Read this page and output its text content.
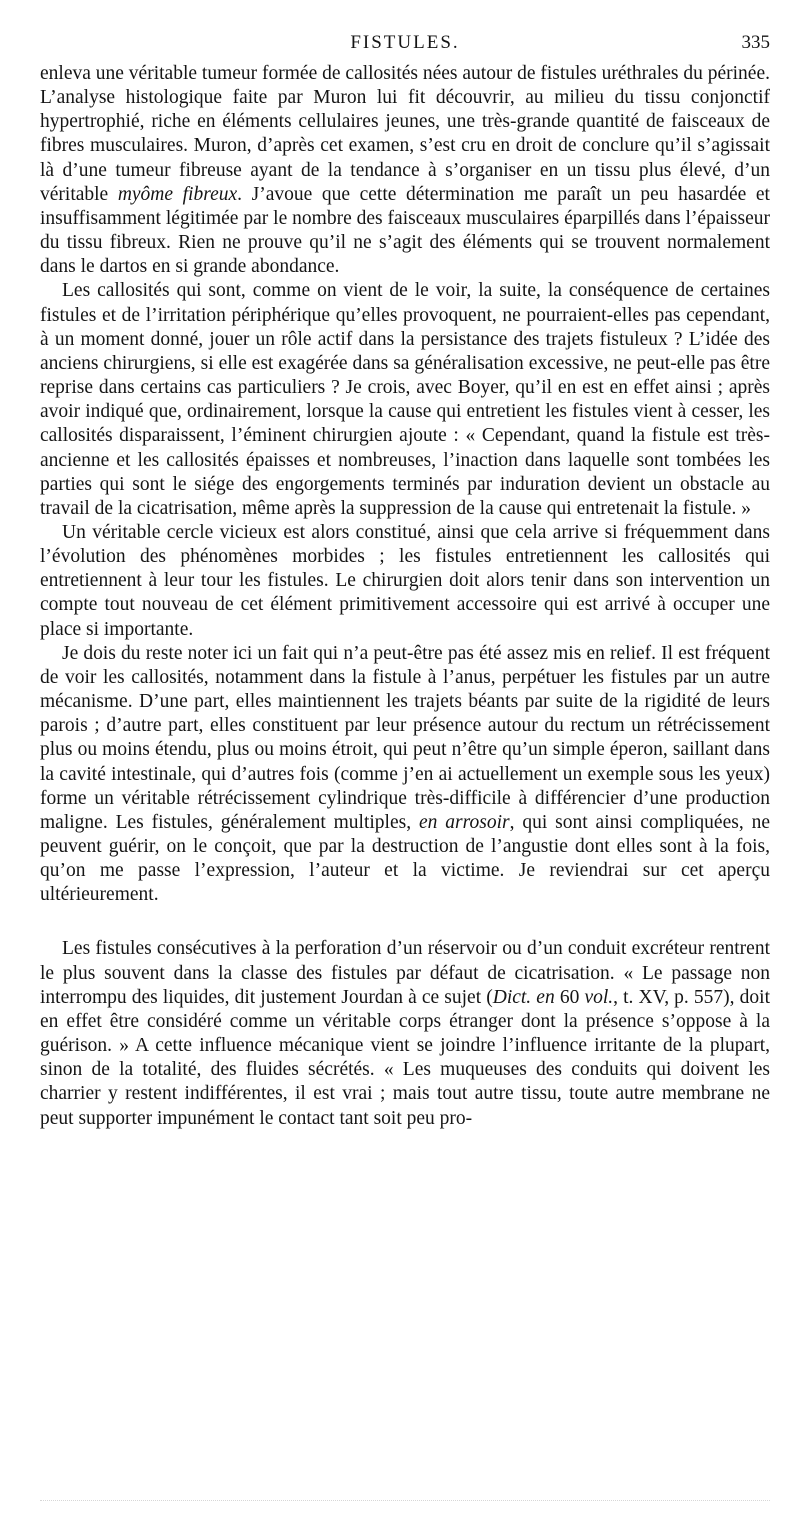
FISTULES.	335

enleva une véritable tumeur formée de callosités nées autour de fistules uréthrales du périnée. L’analyse histologique faite par Muron lui fit découvrir, au milieu du tissu conjonctif hypertrophié, riche en éléments cellulaires jeunes, une très-grande quantité de faisceaux de fibres musculaires. Muron, d’après cet examen, s’est cru en droit de conclure qu’il s’agissait là d’une tumeur fibreuse ayant de la tendance à s’organiser en un tissu plus élevé, d’un véritable myôme fibreux. J’avoue que cette détermination me paraît un peu hasardée et insuffisamment légitimée par le nombre des faisceaux musculaires éparpillés dans l’épaisseur du tissu fibreux. Rien ne prouve qu’il ne s’agit des éléments qui se trouvent normalement dans le dartos en si grande abondance.

Les callosités qui sont, comme on vient de le voir, la suite, la conséquence de certaines fistules et de l’irritation périphérique qu’elles provoquent, ne pourraient-elles pas cependant, à un moment donné, jouer un rôle actif dans la persistance des trajets fistuleux ? L’idée des anciens chirurgiens, si elle est exagérée dans sa généralisation excessive, ne peut-elle pas être reprise dans certains cas particuliers ? Je crois, avec Boyer, qu’il en est en effet ainsi ; après avoir indiqué que, ordinairement, lorsque la cause qui entretient les fistules vient à cesser, les callosités disparaissent, l’éminent chirurgien ajoute : « Cependant, quand la fistule est très-ancienne et les callosités épaisses et nombreuses, l’inaction dans laquelle sont tombées les parties qui sont le siége des engorgements terminés par induration devient un obstacle au travail de la cicatrisation, même après la suppression de la cause qui entretenait la fistule. »

Un véritable cercle vicieux est alors constitué, ainsi que cela arrive si fréquemment dans l’évolution des phénomènes morbides ; les fistules entretiennent les callosités qui entretiennent à leur tour les fistules. Le chirurgien doit alors tenir dans son intervention un compte tout nouveau de cet élément primitivement accessoire qui est arrivé à occuper une place si importante.

Je dois du reste noter ici un fait qui n’a peut-être pas été assez mis en relief. Il est fréquent de voir les callosités, notamment dans la fistule à l’anus, perpétuer les fistules par un autre mécanisme. D’une part, elles maintiennent les trajets béants par suite de la rigidité de leurs parois ; d’autre part, elles constituent par leur présence autour du rectum un rétrécissement plus ou moins étendu, plus ou moins étroit, qui peut n’être qu’un simple éperon, saillant dans la cavité intestinale, qui d’autres fois (comme j’en ai actuellement un exemple sous les yeux) forme un véritable rétrécissement cylindrique très-difficile à différencier d’une production maligne. Les fistules, généralement multiples, en arrosoir, qui sont ainsi compliquées, ne peuvent guérir, on le conçoit, que par la destruction de l’angustie dont elles sont à la fois, qu’on me passe l’expression, l’auteur et la victime. Je reviendrai sur cet aperçu ultérieurement.

Les fistules consécutives à la perforation d’un réservoir ou d’un conduit excréteur rentrent le plus souvent dans la classe des fistules par défaut de cicatrisation. « Le passage non interrompu des liquides, dit justement Jourdan à ce sujet (Dict. en 60 vol., t. XV, p. 557), doit en effet être considéré comme un véritable corps étranger dont la présence s’oppose à la guérison. » A cette influence mécanique vient se joindre l’influence irritante de la plupart, sinon de la totalité, des fluides sécrétés. « Les muqueuses des conduits qui doivent les charrier y restent indifférentes, il est vrai ; mais tout autre tissu, toute autre membrane ne peut supporter impunément le contact tant soit peu pro-
